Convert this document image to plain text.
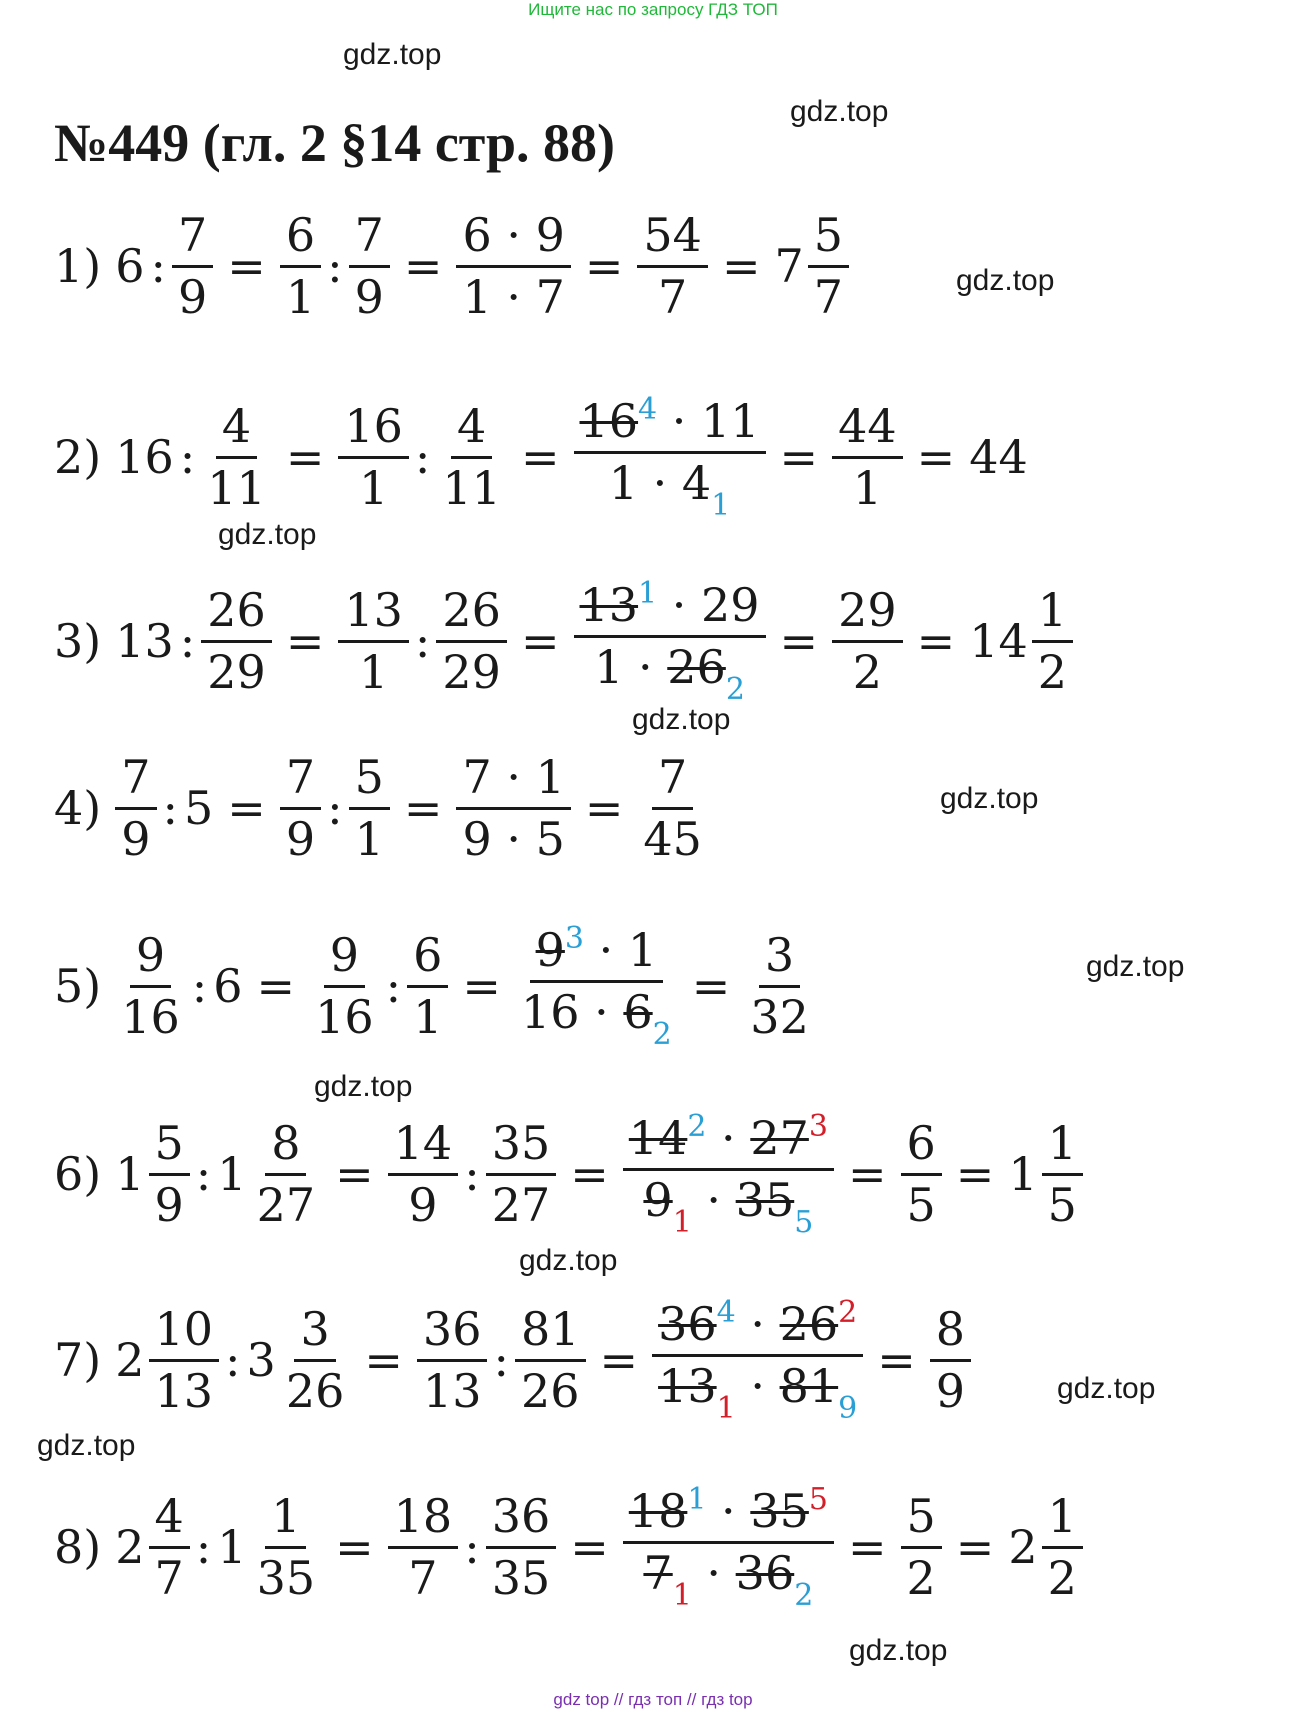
Ищите нас по запросу ГДЗ ТОП
gdz.top
gdz.top
gdz.top
gdz.top
gdz.top
gdz.top
gdz.top
gdz.top
gdz.top
gdz.top
gdz.top
gdz.top
№449 (гл. 2 §14 стр. 88)
1) 6 : $\frac{7}{9} = \frac{6}{1}$ : $\frac{7}{9} = \frac{6 \cdot 9}{1 \cdot 7} = \frac{54}{7} = 7 \frac{5}{7}$
2) 16 : $\frac{4}{11} = \frac{16}{1}$ : $\frac{4}{11} = \frac{16^4 \cdot 11}{1 \cdot 4_1} = \frac{44}{1} = 44$
3) 13 : $\frac{26}{29} = \frac{13}{1}$ : $\frac{26}{29} = \frac{13^1 \cdot 29}{1 \cdot 26_2} = \frac{29}{2} = 14 \frac{1}{2}$
$4) \frac{7}{9}$ : $5 = \frac{7}{9}$ : $\frac{5}{1} = \frac{7 \cdot 1}{9 \cdot 5} = \frac{7}{45}$
$5) \frac{9}{16}$ : $6 = \frac{9}{16}$ : $\frac{6}{1} = \frac{9^3 \cdot 1}{16 \cdot 6_2} = \frac{3}{32}$
6) $1 \frac{5}{9}$ : $1 \frac{8}{27} = \frac{14}{9}$ : $\frac{35}{27} = \frac{14^2 \cdot 27^3}{9_1 \cdot 35_5} = \frac{6}{5} = 1 \frac{1}{5}$
7) $2 \frac{10}{13}$ : $3 \frac{3}{26} = \frac{36}{13}$ : $\frac{81}{26} = \frac{36^4 \cdot 26^2}{13_1 \cdot 81_9} = \frac{8}{9}$
8) $2 \frac{4}{7}$ : $1 \frac{1}{35} = \frac{18}{7}$ : $\frac{36}{35} = \frac{18^1 \cdot 35^5}{7_1 \cdot 36_2} = \frac{5}{2} = 2 \frac{1}{2}$
gdz top // гдз топ // гдз top
